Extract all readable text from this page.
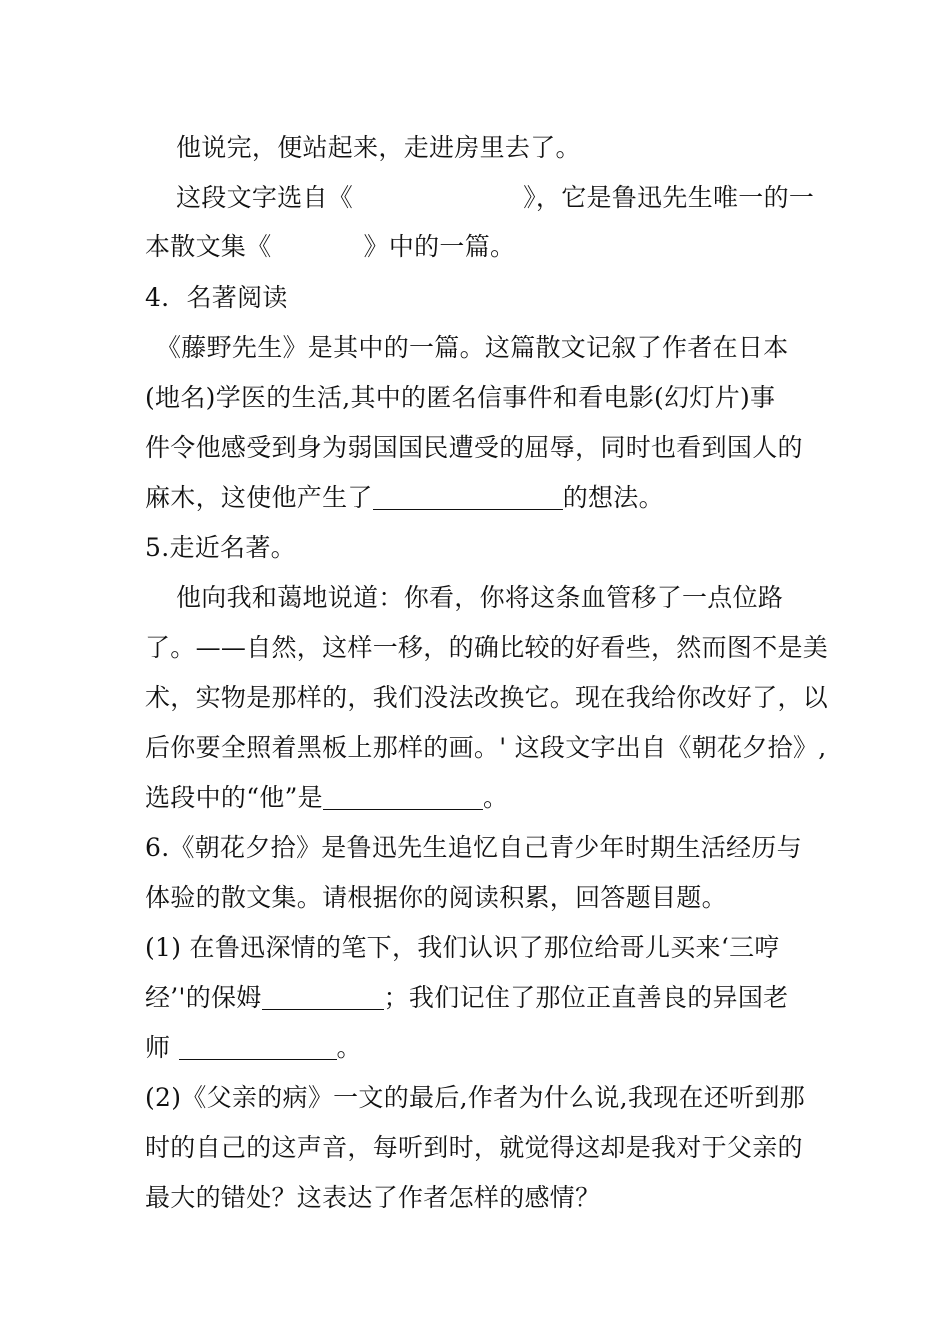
他说完，便站起来，走进房里去了。
这段文字选自《	》，它是鲁迅先生唯一的一
本散文集《	》中的一篇。
4．名著阅读
《藤野先生》是其中的一篇。这篇散文记叙了作者在日本
(地名)学医的生活,其中的匿名信事件和看电影(幻灯片)事
件令他感受到身为弱国国民遭受的屈辱，同时也看到国人的
麻木，这使他产生了	的想法。
5.走近名著。
他向我和蔼地说道：你看，你将这条血管移了一点位路
了。——自然，这样一移，的确比较的好看些，然而图不是美
术，实物是那样的，我们没法改换它。现在我给你改好了，以
后你要全照着黑板上那样的画。' 这段文字出自《朝花夕拾》,
选段中的“他”是	。
6.《朝花夕拾》是鲁迅先生追忆自己青少年时期生活经历与
体验的散文集。请根据你的阅读积累，回答题目题。
(1) 在鲁迅深情的笔下，我们认识了那位给哥儿买来‘三哼
经’'的保姆	；我们记住了那位正直善良的异国老
师	。
(2)《父亲的病》一文的最后,作者为什么说,我现在还听到那
时的自己的这声音，每听到时，就觉得这却是我对于父亲的
最大的错处？这表达了作者怎样的感情？
